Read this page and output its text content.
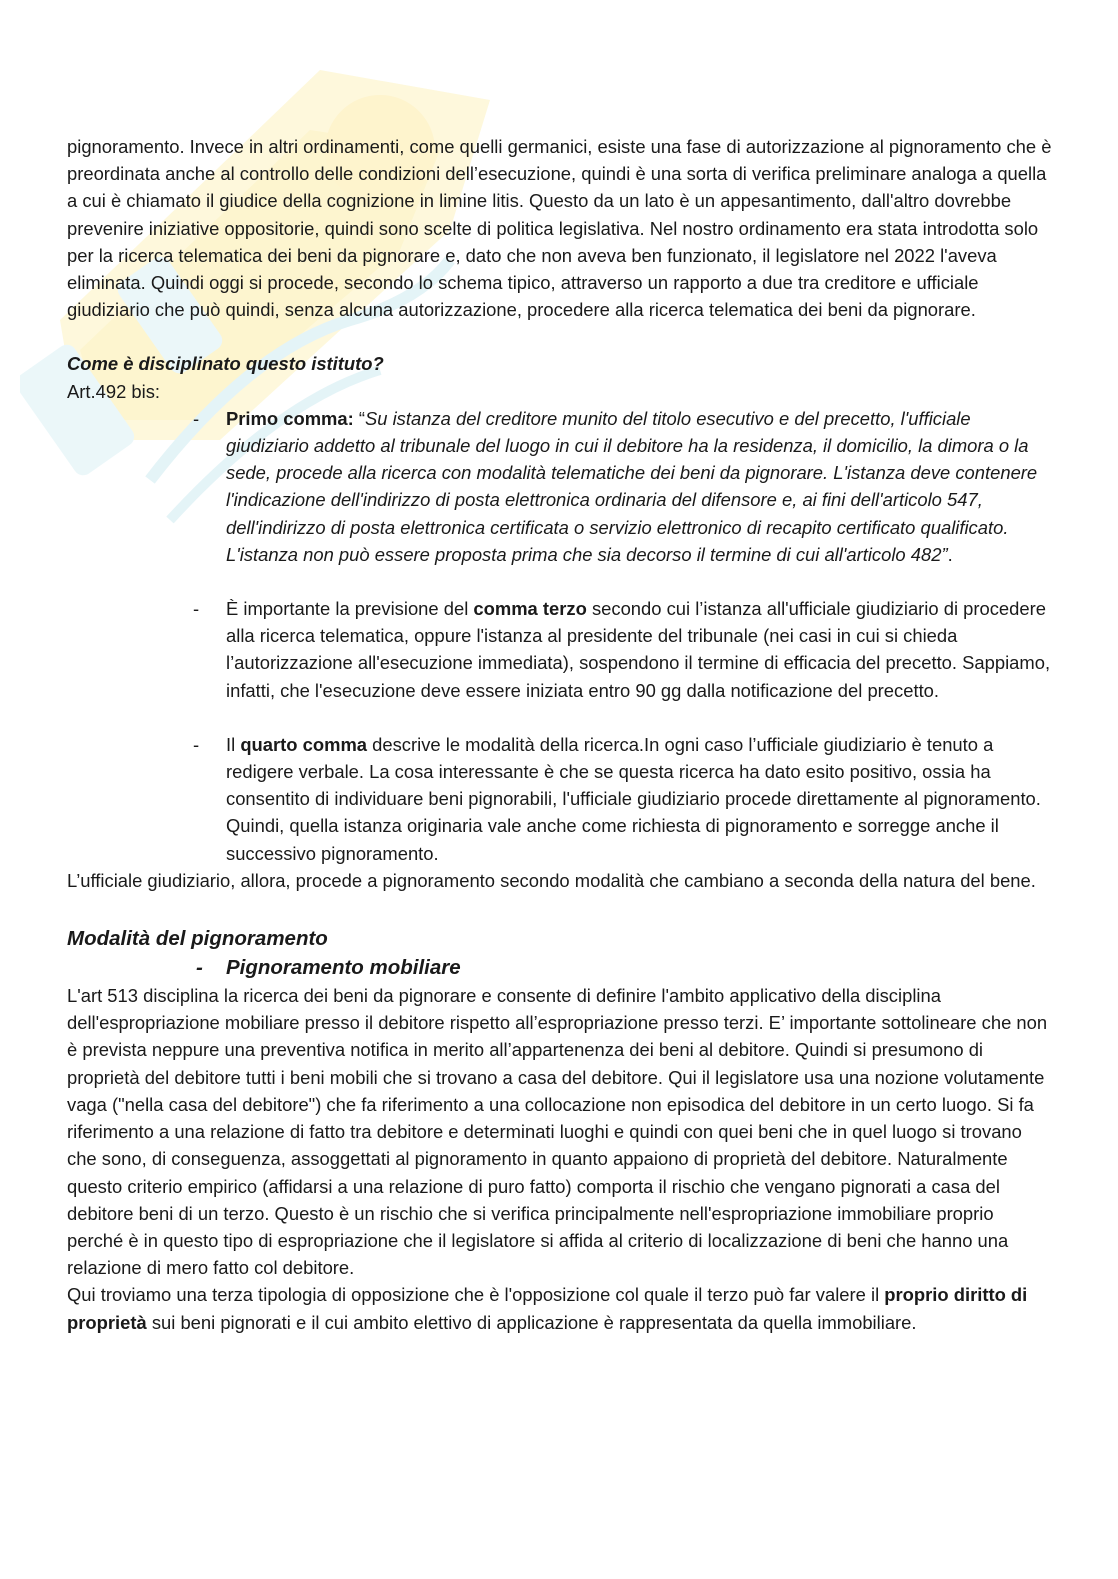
pignoramento. Invece in altri ordinamenti, come quelli germanici, esiste una fase di autorizzazione al pignoramento che è preordinata anche al controllo delle condizioni dell’esecuzione, quindi è una sorta di verifica preliminare analoga a quella a cui è chiamato il giudice della cognizione in limine litis. Questo da un lato è un appesantimento, dall'altro dovrebbe prevenire iniziative oppositorie, quindi sono scelte di politica legislativa. Nel nostro ordinamento era stata introdotta solo per la ricerca telematica dei beni da pignorare e, dato che non aveva ben funzionato, il legislatore nel 2022 l'aveva eliminata. Quindi oggi si procede, secondo lo schema tipico, attraverso un rapporto a due tra creditore e ufficiale giudiziario che può quindi, senza alcuna autorizzazione, procedere alla ricerca telematica dei beni da pignorare.

Come è disciplinato questo istituto?

Art.492 bis:

- Primo comma: “Su istanza del creditore munito del titolo esecutivo e del precetto, l'ufficiale giudiziario addetto al tribunale del luogo in cui il debitore ha la residenza, il domicilio, la dimora o la sede, procede alla ricerca con modalità telematiche dei beni da pignorare. L'istanza deve contenere l'indicazione dell'indirizzo di posta elettronica ordinaria del difensore e, ai fini dell'articolo 547, dell'indirizzo di posta elettronica certificata o servizio elettronico di recapito certificato qualificato. L'istanza non può essere proposta prima che sia decorso il termine di cui all'articolo 482”.
- È importante la previsione del comma terzo secondo cui l’istanza all'ufficiale giudiziario di procedere alla ricerca telematica, oppure l'istanza al presidente del tribunale (nei casi in cui si chieda l’autorizzazione all'esecuzione immediata), sospendono il termine di efficacia del precetto. Sappiamo, infatti, che l'esecuzione deve essere iniziata entro 90 gg dalla notificazione del precetto.
- Il quarto comma descrive le modalità della ricerca.In ogni caso l’ufficiale giudiziario è tenuto a redigere verbale. La cosa interessante è che se questa ricerca ha dato esito positivo, ossia ha consentito di individuare beni pignorabili, l'ufficiale giudiziario procede direttamente al pignoramento. Quindi, quella istanza originaria vale anche come richiesta di pignoramento e sorregge anche il successivo pignoramento.

L’ufficiale giudiziario, allora, procede a pignoramento secondo modalità che cambiano a seconda della natura del bene.

Modalità del pignoramento

- Pignoramento mobiliare

L'art 513 disciplina la ricerca dei beni da pignorare e consente di definire l'ambito applicativo della disciplina dell'espropriazione mobiliare presso il debitore rispetto all’espropriazione presso terzi. E’ importante sottolineare che non è prevista neppure una preventiva notifica in merito all’appartenenza dei beni al debitore. Quindi si presumono di proprietà del debitore tutti i beni mobili che si trovano a casa del debitore. Qui il legislatore usa una nozione volutamente vaga ("nella casa del debitore") che fa riferimento a una collocazione non episodica del debitore in un certo luogo. Si fa riferimento a una relazione di fatto tra debitore e determinati luoghi e quindi con quei beni che in quel luogo si trovano che sono, di conseguenza, assoggettati al pignoramento in quanto appaiono di proprietà del debitore. Naturalmente questo criterio empirico (affidarsi a una relazione di puro fatto) comporta il rischio che vengano pignorati a casa del debitore beni di un terzo. Questo è un rischio che si verifica principalmente nell'espropriazione immobiliare proprio perché è in questo tipo di espropriazione che il legislatore si affida al criterio di localizzazione di beni che hanno una relazione di mero fatto col debitore.

Qui troviamo una terza tipologia di opposizione che è l'opposizione col quale il terzo può far valere il proprio diritto di proprietà sui beni pignorati e il cui ambito elettivo di applicazione è rappresentata da quella immobiliare.
